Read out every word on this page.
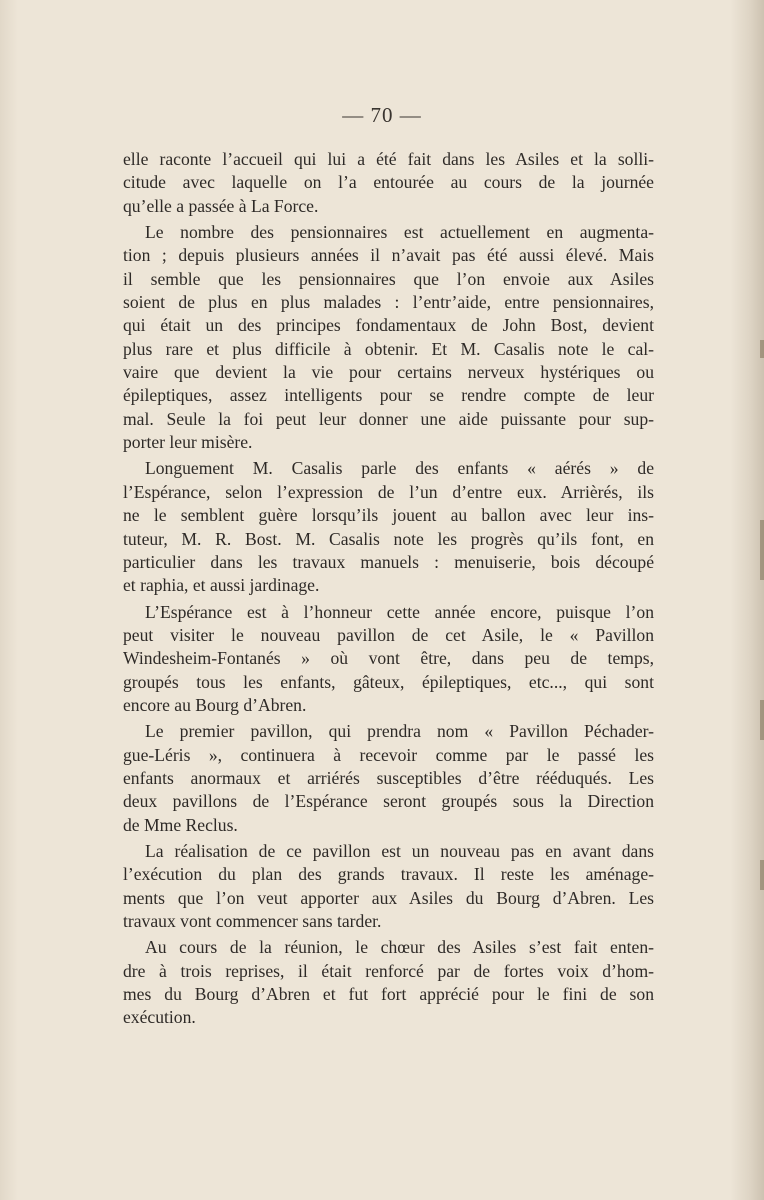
— 70 —
elle raconte l’accueil qui lui a été fait dans les Asiles et la solli-
citude avec laquelle on l’a entourée au cours de la journée
qu’elle a passée à La Force.
Le nombre des pensionnaires est actuellement en augmenta-
tion ; depuis plusieurs années il n’avait pas été aussi élevé. Mais
il semble que les pensionnaires que l’on envoie aux Asiles
soient de plus en plus malades : l’entr’aide, entre pensionnaires,
qui était un des principes fondamentaux de John Bost, devient
plus rare et plus difficile à obtenir. Et M. Casalis note le cal-
vaire que devient la vie pour certains nerveux hystériques ou
épileptiques, assez intelligents pour se rendre compte de leur
mal. Seule la foi peut leur donner une aide puissante pour sup-
porter leur misère.
Longuement M. Casalis parle des enfants « aérés » de
l’Espérance, selon l’expression de l’un d’entre eux. Arrièrés, ils
ne le semblent guère lorsqu’ils jouent au ballon avec leur ins-
tuteur, M. R. Bost. M. Casalis note les progrès qu’ils font, en
particulier dans les travaux manuels : menuiserie, bois découpé
et raphia, et aussi jardinage.
L’Espérance est à l’honneur cette année encore, puisque l’on
peut visiter le nouveau pavillon de cet Asile, le « Pavillon
Windesheim-Fontanés » où vont être, dans peu de temps,
groupés tous les enfants, gâteux, épileptiques, etc..., qui sont
encore au Bourg d’Abren.
Le premier pavillon, qui prendra nom « Pavillon Péchader-
gue-Léris », continuera à recevoir comme par le passé les
enfants anormaux et arriérés susceptibles d’être rééduqués. Les
deux pavillons de l’Espérance seront groupés sous la Direction
de Mme Reclus.
La réalisation de ce pavillon est un nouveau pas en avant dans
l’exécution du plan des grands travaux. Il reste les aménage-
ments que l’on veut apporter aux Asiles du Bourg d’Abren. Les
travaux vont commencer sans tarder.
Au cours de la réunion, le chœur des Asiles s’est fait enten-
dre à trois reprises, il était renforcé par de fortes voix d’hom-
mes du Bourg d’Abren et fut fort apprécié pour le fini de son
exécution.
